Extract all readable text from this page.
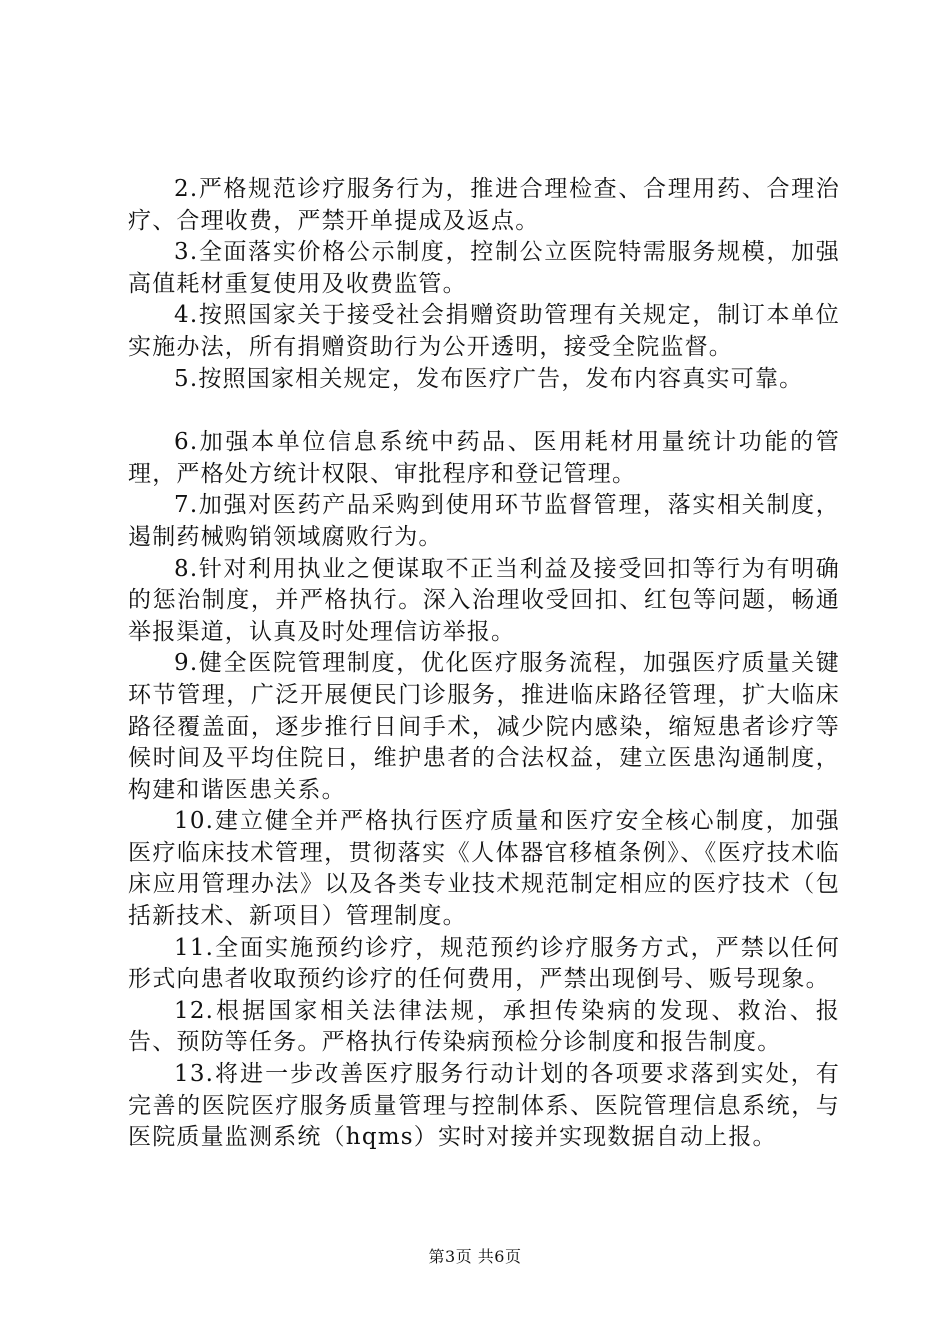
2.严格规范诊疗服务行为，推进合理检查、合理用药、合理治疗、合理收费，严禁开单提成及返点。

3.全面落实价格公示制度，控制公立医院特需服务规模，加强高值耗材重复使用及收费监管。

4.按照国家关于接受社会捐赠资助管理有关规定，制订本单位实施办法，所有捐赠资助行为公开透明，接受全院监督。

5.按照国家相关规定，发布医疗广告，发布内容真实可靠。

6.加强本单位信息系统中药品、医用耗材用量统计功能的管理，严格处方统计权限、审批程序和登记管理。

7.加强对医药产品采购到使用环节监督管理，落实相关制度，遏制药械购销领域腐败行为。

8.针对利用执业之便谋取不正当利益及接受回扣等行为有明确的惩治制度，并严格执行。深入治理收受回扣、红包等问题，畅通举报渠道，认真及时处理信访举报。

9.健全医院管理制度，优化医疗服务流程，加强医疗质量关键环节管理，广泛开展便民门诊服务，推进临床路径管理，扩大临床路径覆盖面，逐步推行日间手术，减少院内感染，缩短患者诊疗等候时间及平均住院日，维护患者的合法权益，建立医患沟通制度，构建和谐医患关系。

10.建立健全并严格执行医疗质量和医疗安全核心制度，加强医疗临床技术管理，贯彻落实《人体器官移植条例》、《医疗技术临床应用管理办法》以及各类专业技术规范制定相应的医疗技术（包括新技术、新项目）管理制度。

11.全面实施预约诊疗，规范预约诊疗服务方式，严禁以任何形式向患者收取预约诊疗的任何费用，严禁出现倒号、贩号现象。

12.根据国家相关法律法规，承担传染病的发现、救治、报告、预防等任务。严格执行传染病预检分诊制度和报告制度。

13.将进一步改善医疗服务行动计划的各项要求落到实处，有完善的医院医疗服务质量管理与控制体系、医院管理信息系统，与医院质量监测系统（hqms）实时对接并实现数据自动上报。

第3页 共6页
